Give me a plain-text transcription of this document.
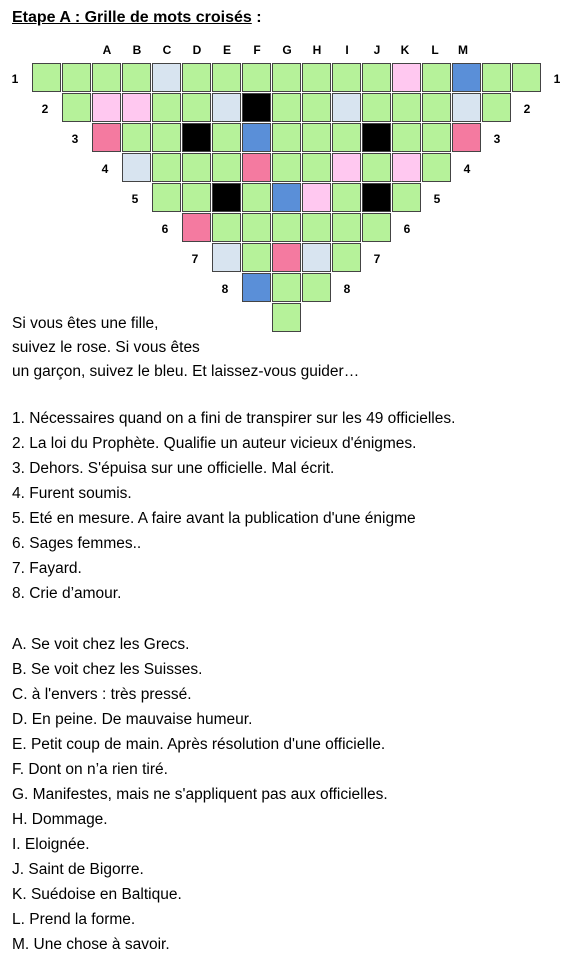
Etape A : Grille de mots croisés :
A	B	C	D	E	F	G	H	I	J	K	L	M
1	1
2	2
3	3
4	4
5	5
6	6
7	7
8	8
Si vous êtes une fille,
suivez le rose. Si vous êtes
un garçon, suivez le bleu. Et laissez-vous guider…
1. Nécessaires quand on a fini de transpirer sur les 49 officielles.
2. La loi du Prophète. Qualifie un auteur vicieux d'énigmes.
3. Dehors. S'épuisa sur une officielle. Mal écrit.
4. Furent soumis.
5. Eté en mesure. A faire avant la publication d'une énigme
6. Sages femmes..
7. Fayard.
8. Crie d’amour.
A. Se voit chez les Grecs.
B. Se voit chez les Suisses.
C. à l'envers : très pressé.
D. En peine. De mauvaise humeur.
E. Petit coup de main. Après résolution d'une officielle.
F. Dont on n’a rien tiré.
G. Manifestes, mais ne s'appliquent pas aux officielles.
H. Dommage.
I. Eloignée.
J. Saint de Bigorre.
K. Suédoise en Baltique.
L. Prend la forme.
M. Une chose à savoir.
